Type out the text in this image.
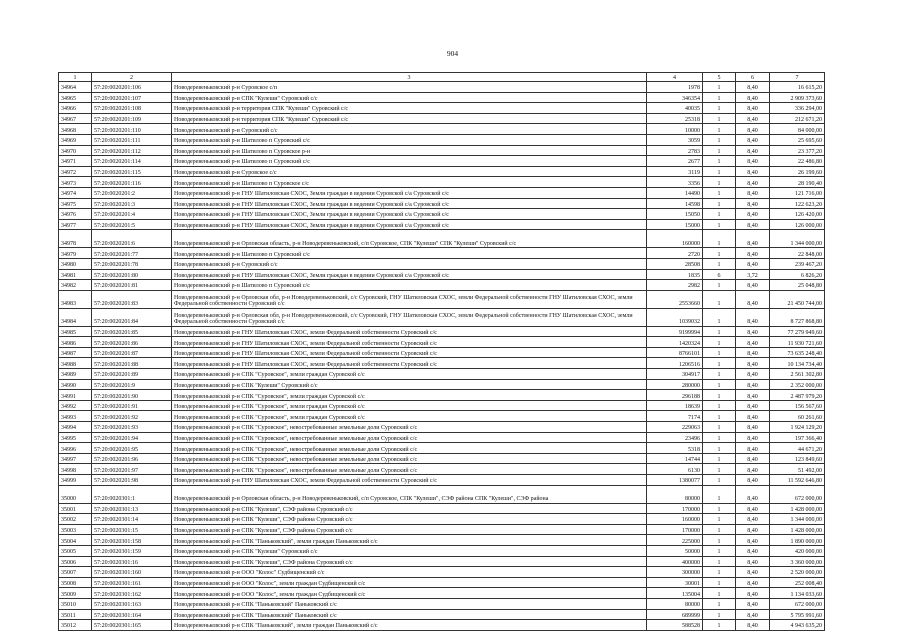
904
1	2	3	4	5	6	7
34964	57:20:0020201:106	Новодеревеньковский р-н Суровское с/п	1978	1	8,40	16 615,20
34965	57:20:0020201:107	Новодеревеньковский р-н СПК "Кулеши" Суровский с/с	346354	1	8,40	2 909 373,60
34966	57:20:0020201:108	Новодеревеньковский р-н территория СПК "Кулеши" Суровский с/с	40035	1	8,40	336 294,00
34967	57:20:0020201:109	Новодеревеньковский р-н территория СПК "Кулеши" Суровский с/с	25318	1	8,40	212 671,20
34968	57:20:0020201:110	Новодеревеньковский р-н Суровский с/с	10000	1	8,40	84 000,00
34969	57:20:0020201:111	Новодеревеньковский р-н Шатилово п Суровский с/с	3059	1	8,40	25 695,60
34970	57:20:0020201:112	Новодеревеньковский р-н Шатилово п Суровское р-н	2783	1	8,40	23 377,20
34971	57:20:0020201:114	Новодеревеньковский р-н Шатилово п Суровский с/с	2677	1	8,40	22 486,80
34972	57:20:0020201:115	Новодеревеньковский р-н Суровское с/с	3119	1	8,40	26 199,60
34973	57:20:0020201:116	Новодеревеньковский р-н Шатилово п Суровское с/с	3356	1	8,40	28 190,40
34974	57:20:0020201:2	Новодеревеньковский р-н ГНУ Шатиловская СХОС, Земли граждан в ведении Суровской с/а Суровской с/с	14490	1	8,40	121 716,00
34975	57:20:0020201:3	Новодеревеньковский р-н ГНУ Шатиловская СХОС, Земли граждан в ведении Суровской с/а Суровской с/с	14598	1	8,40	122 623,20
34976	57:20:0020201:4	Новодеревеньковский р-н ГНУ Шатиловская СХОС, Земли граждан в ведении Суровской с/а Суровской с/с	15050	1	8,40	126 420,00
34977	57:20:0020201:5	Новодеревеньковский р-н ГНУ Шатиловская СХОС, Земли граждан в ведении Суровской с/а Суровской с/с	15000	1	8,40	126 000,00
34978	57:20:0020201:6	Новодеревеньковский р-н Орловская область, р-н Новодеревеньковский, с/п Суровское, СПК "Кулеши" СПК "Кулеши" Суровский с/с	160000	1	8,40	1 344 000,00
34979	57:20:0020201:77	Новодеревеньковский р-н Шатилово п Суровский с/с	2720	1	8,40	22 848,00
34980	57:20:0020201:78	Новодеревеньковский р-н Суровский с/с	28508	1	8,40	239 467,20
34981	57:20:0020201:80	Новодеревеньковский р-н ГНУ Шатиловская СХОС, Земли граждан в ведении Суровской с/а Суровской с/с	1835	6	3,72	6 826,20
34982	57:20:0020201:81	Новодеревеньковский р-н Шатилово п Суровский с/с	2982	1	8,40	25 048,80
34983	57:20:0020201:83	Новодеревеньковский р-н Орловская обл, р-н Новодеревеньковский, с/с Суровский, ГНУ Шатиловская СХОС, земли Федеральной собственности ГНУ Шатиловская СХОС, земли Федеральной собственности Суровский с/с	2553660	1	8,40	21 450 744,00
34984	57:20:0020201:84	Новодеревеньковский р-н Орловская обл, р-н Новодеревеньковский, с/с Суровский, ГНУ Шатиловская СХОС, земли Федеральной собственности ГНУ Шатиловская СХОС, земли Федеральной собственности Суровский с/с	1039032	1	8,40	8 727 868,80
34985	57:20:0020201:85	Новодеревеньковский р-н ГНУ Шатиловская СХОС, земли Федеральной собственности Суровский с/с	9199994	1	8,40	77 279 949,60
34986	57:20:0020201:86	Новодеревеньковский р-н ГНУ Шатиловская СХОС, земли Федеральной собственности Суровский с/с	1420324	1	8,40	11 930 721,60
34987	57:20:0020201:87	Новодеревеньковский р-н ГНУ Шатиловская СХОС, земли Федеральной собственности Суровский с/с	8766101	1	8,40	73 635 248,40
34988	57:20:0020201:88	Новодеревеньковский р-н ГНУ Шатиловская СХОС, земли Федеральной собственности Суровский с/с	1206516	1	8,40	10 134 734,40
34989	57:20:0020201:89	Новодеревеньковский р-н СПК "Суровское", земли граждан Суровской с/с	304917	1	8,40	2 561 302,80
34990	57:20:0020201:9	Новодеревеньковский р-н СПК "Кулеши" Суровский с/с	280000	1	8,40	2 352 000,00
34991	57:20:0020201:90	Новодеревеньковский р-н СПК "Суровское", земли граждан Суровской с/с	296188	1	8,40	2 487 979,20
34992	57:20:0020201:91	Новодеревеньковский р-н СПК "Суровское", земли граждан Суровской с/с	18639	1	8,40	156 567,60
34993	57:20:0020201:92	Новодеревеньковский р-н СПК "Суровское", земли граждан Суровской с/с	7174	1	8,40	60 261,60
34994	57:20:0020201:93	Новодеревеньковский р-н СПК "Суровское", невостребованные земельные доли Суровский с/с	229063	1	8,40	1 924 129,20
34995	57:20:0020201:94	Новодеревеньковский р-н СПК "Суровское", невостребованные земельные доли Суровский с/с	23496	1	8,40	197 366,40
34996	57:20:0020201:95	Новодеревеньковский р-н СПК "Суровское", невостребованные земельные доли Суровский с/с	5318	1	8,40	44 671,20
34997	57:20:0020201:96	Новодеревеньковский р-н СПК "Суровское", невостребованные земельные доли Суровский с/с	14744	1	8,40	123 849,60
34998	57:20:0020201:97	Новодеревеньковский р-н СПК "Суровское", невостребованные земельные доли Суровский с/с	6130	1	8,40	51 492,00
34999	57:20:0020201:98	Новодеревеньковский р-н ГНУ Шатиловская СХОС, земли Федеральной собственности Суровский с/с	1380077	1	8,40	11 592 646,80
35000	57:20:0020301:1	Новодеревеньковский р-н Орловская область, р-н Новодеревеньковский, с/п Суровское, СПК "Кулеши", СЭФ района СПК "Кулеши", СЭФ района	80000	1	8,40	672 000,00
35001	57:20:0020301:13	Новодеревеньковский р-н СПК "Кулеши", СЭФ района Суровский с/с	170000	1	8,40	1 428 000,00
35002	57:20:0020301:14	Новодеревеньковский р-н СПК "Кулеши", СЭФ района Суровский с/с	160000	1	8,40	1 344 000,00
35003	57:20:0020301:15	Новодеревеньковский р-н СПК "Кулеши", СЭФ района Суровский с/с	170000	1	8,40	1 428 000,00
35004	57:20:0020301:158	Новодеревеньковский р-н СПК "Паньковский", земли граждан Паньковский с/с	225000	1	8,40	1 890 000,00
35005	57:20:0020301:159	Новодеревеньковский р-н СПК "Кулеши" Суровский с/с	50000	1	8,40	420 000,00
35006	57:20:0020301:16	Новодеревеньковский р-н СПК "Кулеши", СЭФ района Суровский с/с	400000	1	8,40	3 360 000,00
35007	57:20:0020301:160	Новодеревеньковский р-н ООО "Колос" Судбищенский с/с	300000	1	8,40	2 520 000,00
35008	57:20:0020301:161	Новодеревеньковский р-н ООО "Колос", земли граждан Судбищенский с/с	30001	1	8,40	252 008,40
35009	57:20:0020301:162	Новодеревеньковский р-н ООО "Колос", земли граждан Судбищенский с/с	135004	1	8,40	1 134 033,60
35010	57:20:0020301:163	Новодеревеньковский р-н СПК "Паньковский" Паньковский с/с	80000	1	8,40	672 000,00
35011	57:20:0020301:164	Новодеревеньковский р-н СПК "Паньковский" Паньковский с/с	689999	1	8,40	5 795 991,60
35012	57:20:0020301:165	Новодеревеньковский р-н СПК "Паньковский", земли граждан Паньковский с/с	588528	1	8,40	4 943 635,20
